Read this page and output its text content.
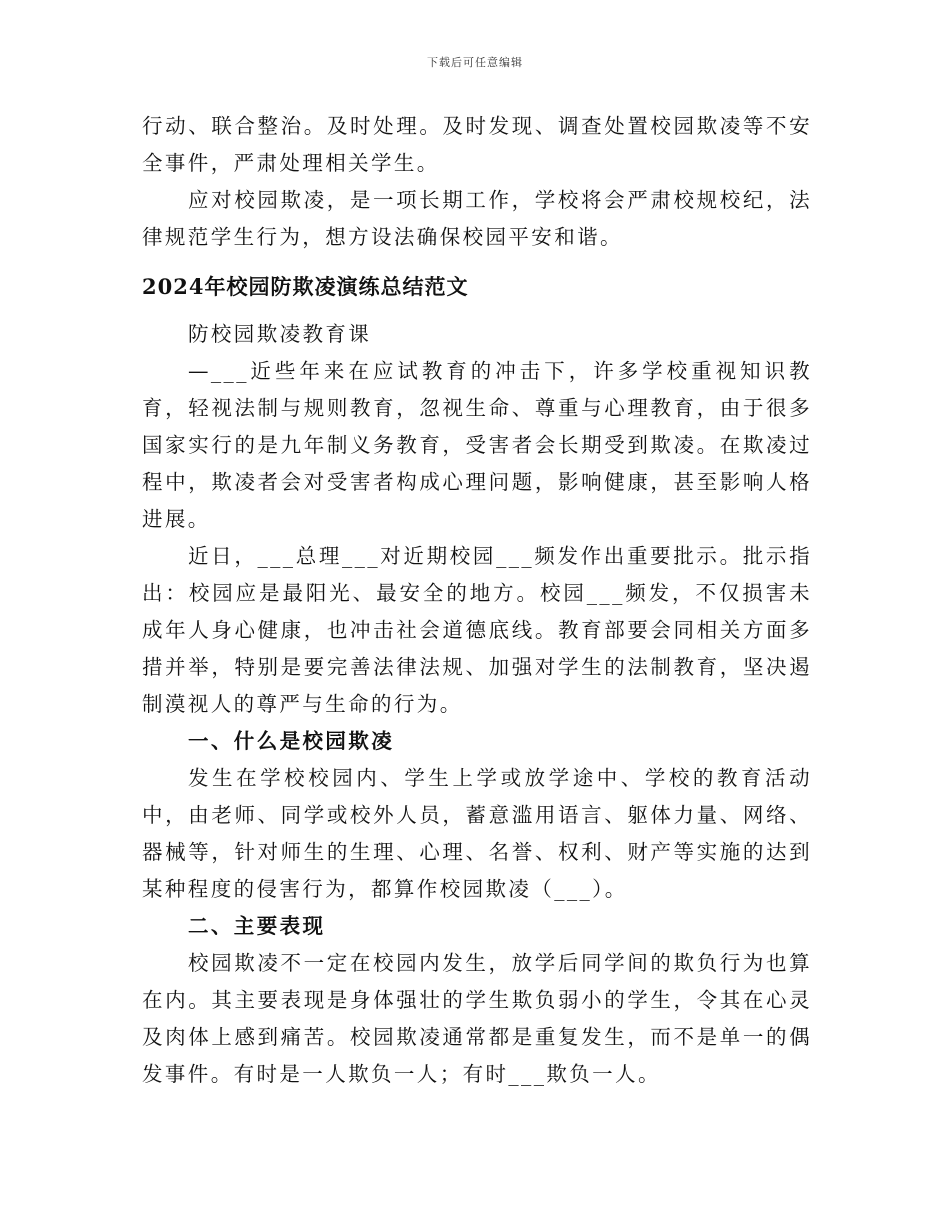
下载后可任意编辑

行动、联合整治。及时处理。及时发现、调查处置校园欺凌等不安全事件，严肃处理相关学生。

应对校园欺凌，是一项长期工作，学校将会严肃校规校纪，法律规范学生行为，想方设法确保校园平安和谐。

2024年校园防欺凌演练总结范文

防校园欺凌教育课

—___近些年来在应试教育的冲击下，许多学校重视知识教育，轻视法制与规则教育，忽视生命、尊重与心理教育，由于很多国家实行的是九年制义务教育，受害者会长期受到欺凌。在欺凌过程中，欺凌者会对受害者构成心理问题，影响健康，甚至影响人格进展。

近日，___总理___对近期校园___频发作出重要批示。批示指出：校园应是最阳光、最安全的地方。校园___频发，不仅损害未成年人身心健康，也冲击社会道德底线。教育部要会同相关方面多措并举，特别是要完善法律法规、加强对学生的法制教育，坚决遏制漠视人的尊严与生命的行为。

一、什么是校园欺凌

发生在学校校园内、学生上学或放学途中、学校的教育活动中，由老师、同学或校外人员，蓄意滥用语言、躯体力量、网络、器械等，针对师生的生理、心理、名誉、权利、财产等实施的达到某种程度的侵害行为，都算作校园欺凌（___）。

二、主要表现

校园欺凌不一定在校园内发生，放学后同学间的欺负行为也算在内。其主要表现是身体强壮的学生欺负弱小的学生，令其在心灵及肉体上感到痛苦。校园欺凌通常都是重复发生，而不是单一的偶发事件。有时是一人欺负一人；有时___欺负一人。
